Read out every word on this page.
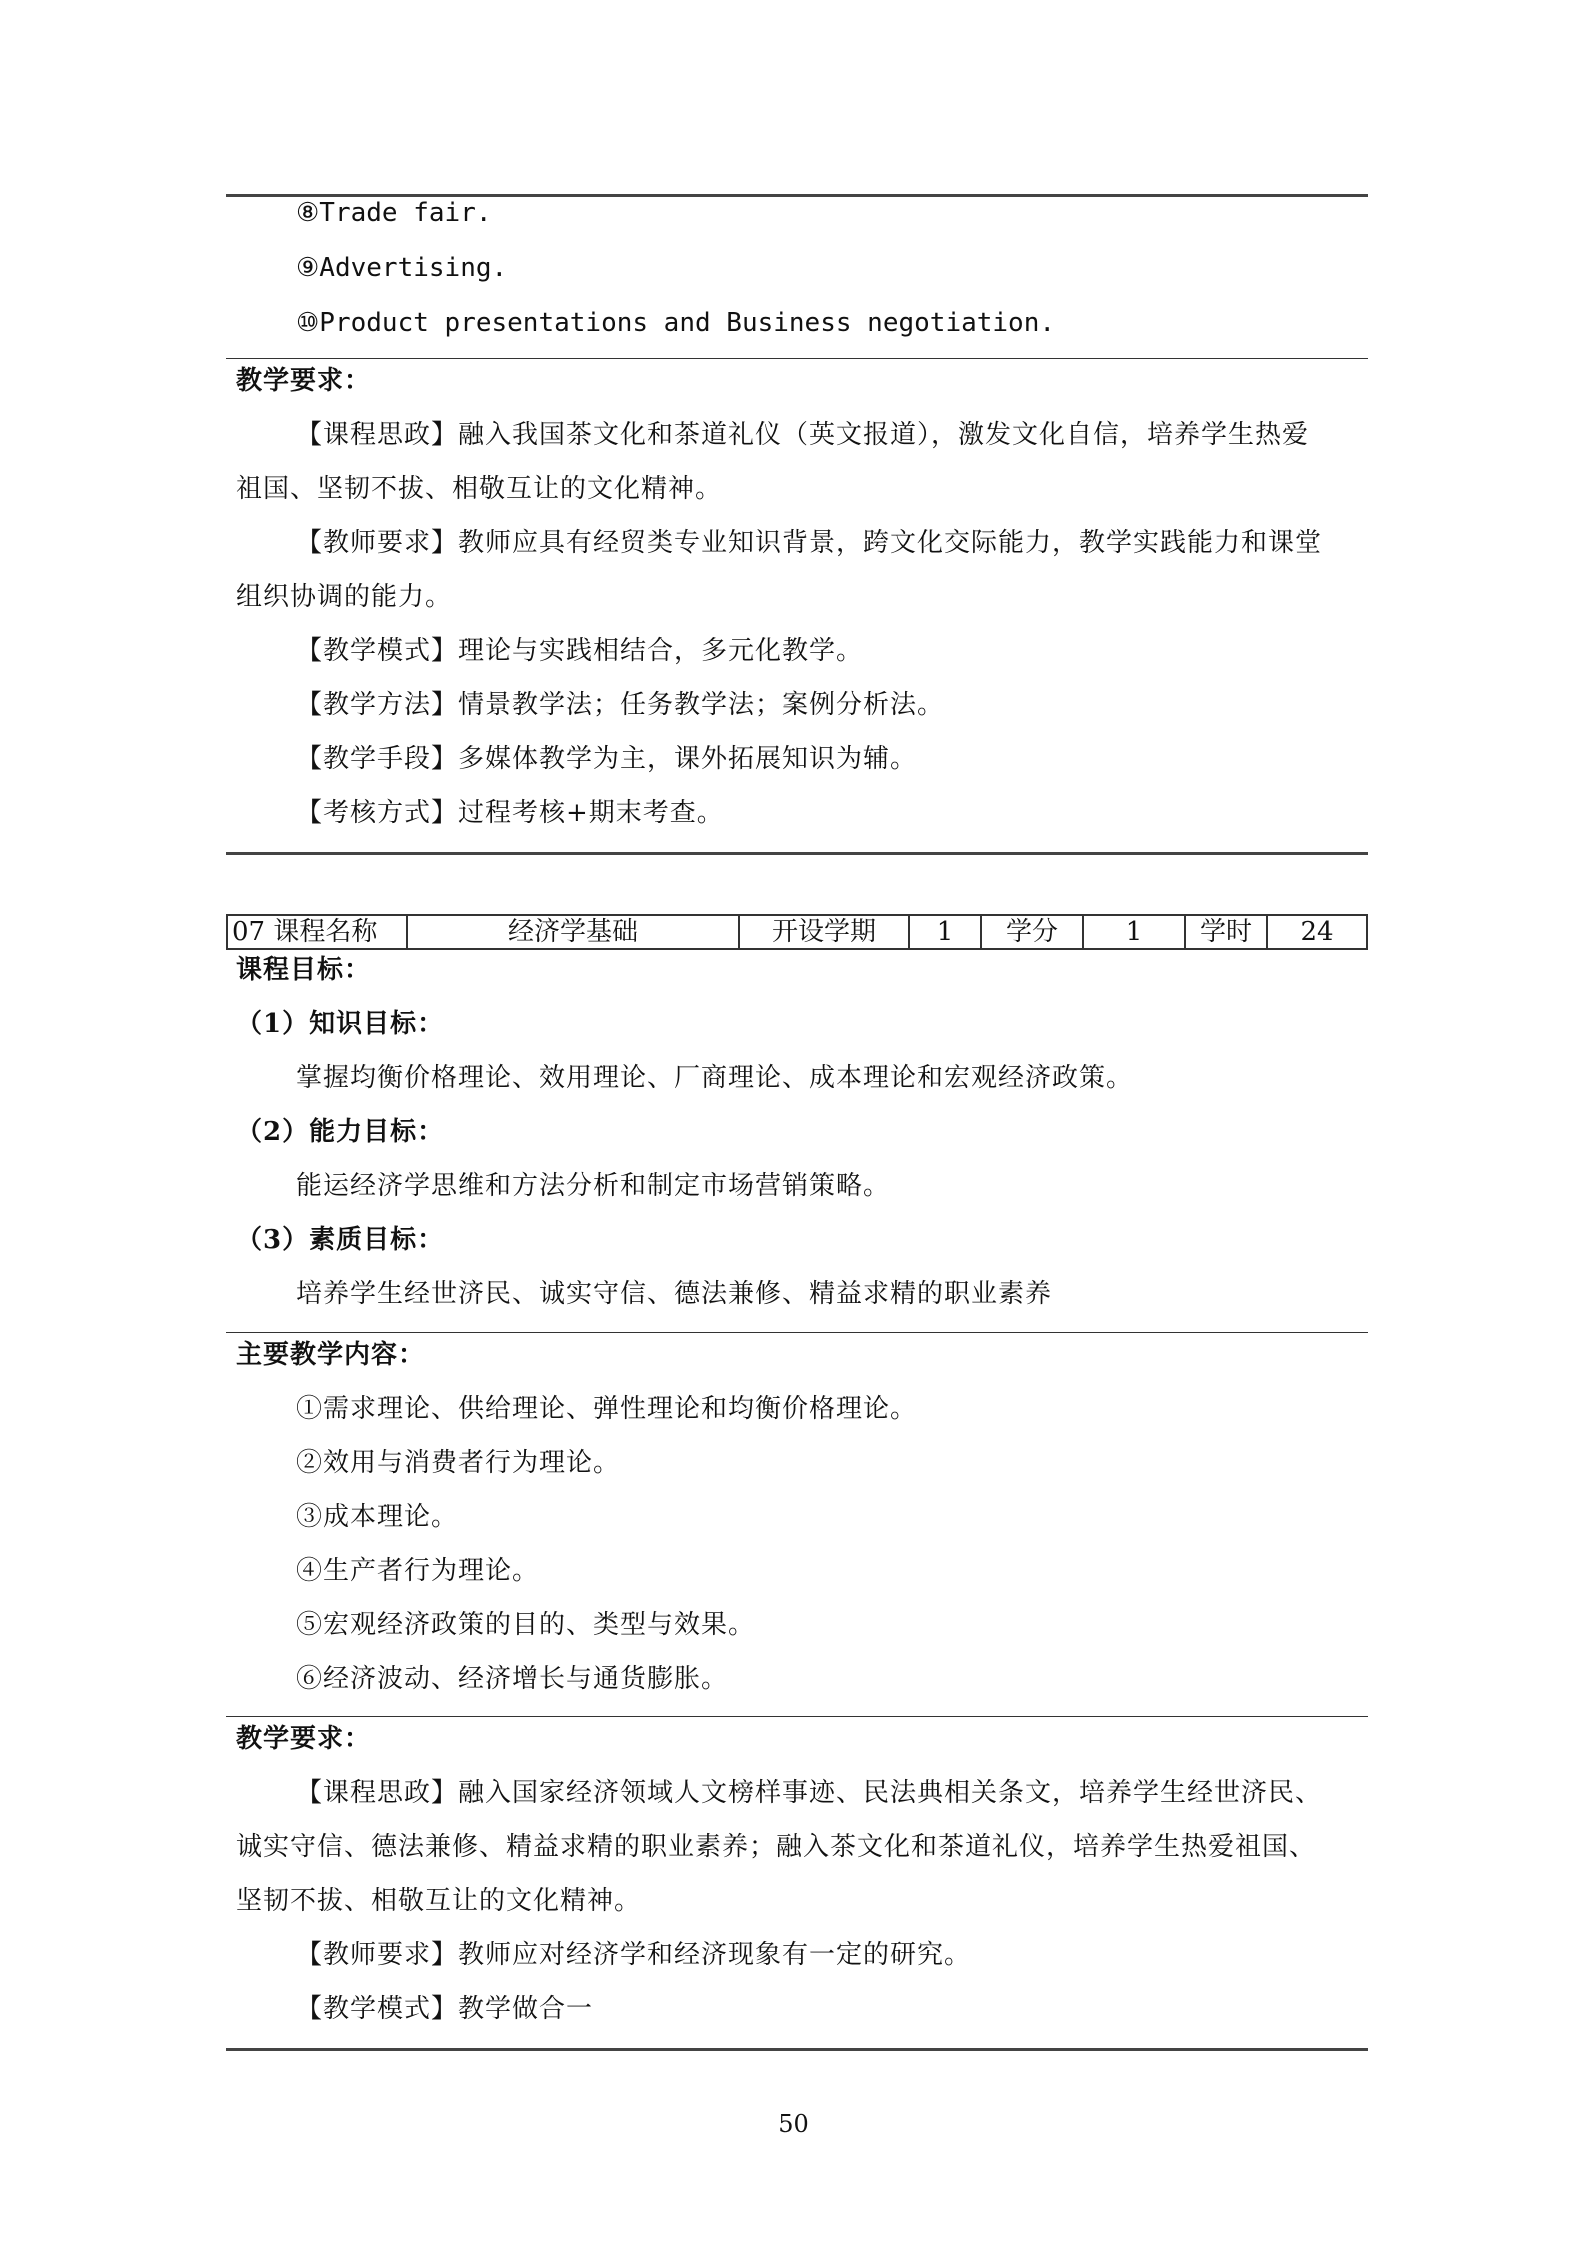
⑧Trade fair.
⑨Advertising.
⑩Product presentations and Business negotiation.
教学要求：
【课程思政】融入我国茶文化和茶道礼仪（英文报道），激发文化自信，培养学生热爱
祖国、坚韧不拔、相敬互让的文化精神。
【教师要求】教师应具有经贸类专业知识背景，跨文化交际能力，教学实践能力和课堂
组织协调的能力。
【教学模式】理论与实践相结合，多元化教学。
【教学方法】情景教学法；任务教学法；案例分析法。
【教学手段】多媒体教学为主，课外拓展知识为辅。
【考核方式】过程考核+期末考查。
07 课程名称	经济学基础	开设学期	1	学分	1	学时	24
课程目标：
（1）知识目标：
掌握均衡价格理论、效用理论、厂商理论、成本理论和宏观经济政策。
（2）能力目标：
能运经济学思维和方法分析和制定市场营销策略。
（3）素质目标：
培养学生经世济民、诚实守信、德法兼修、精益求精的职业素养
主要教学内容：
①需求理论、供给理论、弹性理论和均衡价格理论。
②效用与消费者行为理论。
③成本理论。
④生产者行为理论。
⑤宏观经济政策的目的、类型与效果。
⑥经济波动、经济增长与通货膨胀。
教学要求：
【课程思政】融入国家经济领域人文榜样事迹、民法典相关条文，培养学生经世济民、
诚实守信、德法兼修、精益求精的职业素养；融入茶文化和茶道礼仪，培养学生热爱祖国、
坚韧不拔、相敬互让的文化精神。
【教师要求】教师应对经济学和经济现象有一定的研究。
【教学模式】教学做合一
50
